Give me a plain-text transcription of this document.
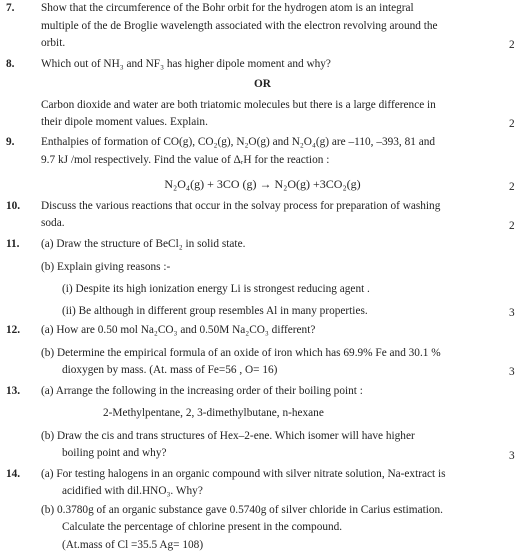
7. Show that the circumference of the Bohr orbit for the hydrogen atom is an integral

multiple of the de Broglie wavelength associated with the electron revolving around the

orbit.	2
8. Which out of NH₃ and NF₃ has higher dipole moment and why?

OR

Carbon dioxide and water are both triatomic molecules but there is a large difference in

their dipole moment values. Explain.	2
9. Enthalpies of formation of CO(g), CO₂(g), N₂O(g) and N₂O₄(g) are –110, –393, 81 and

9.7 kJ /mol respectively. Find the value of ΔᵣH for the reaction :

N₂O₄(g) + 3CO (g) → N₂O(g) +3CO₂(g)	2
10. Discuss the various reactions that occur in the solvay process for preparation of washing

soda.	2
11. (a) Draw the structure of BeCl₂ in solid state.

(b) Explain giving reasons :-

(i) Despite its high ionization energy Li is strongest reducing agent .

(ii) Be although in different group resembles Al in many properties.	3
12. (a) How are 0.50 mol Na₂CO₃ and 0.50M Na₂CO₃ different?

(b) Determine the empirical formula of an oxide of iron which has 69.9% Fe and 30.1 %

dioxygen by mass. (At. mass of Fe=56 , O= 16)	3
13. (a) Arrange the following in the increasing order of their boiling point :

2-Methylpentane, 2, 3-dimethylbutane, n-hexane

(b) Draw the cis and trans structures of Hex–2-ene. Which isomer will have higher

boiling point and why?	3
14. (a) For testing halogens in an organic compound with silver nitrate solution, Na-extract is

acidified with dil.HNO₃. Why?

(b) 0.3780g of an organic substance gave 0.5740g of silver chloride in Carius estimation.

Calculate the percentage of chlorine present in the compound.

(At.mass of Cl =35.5 Ag= 108)
